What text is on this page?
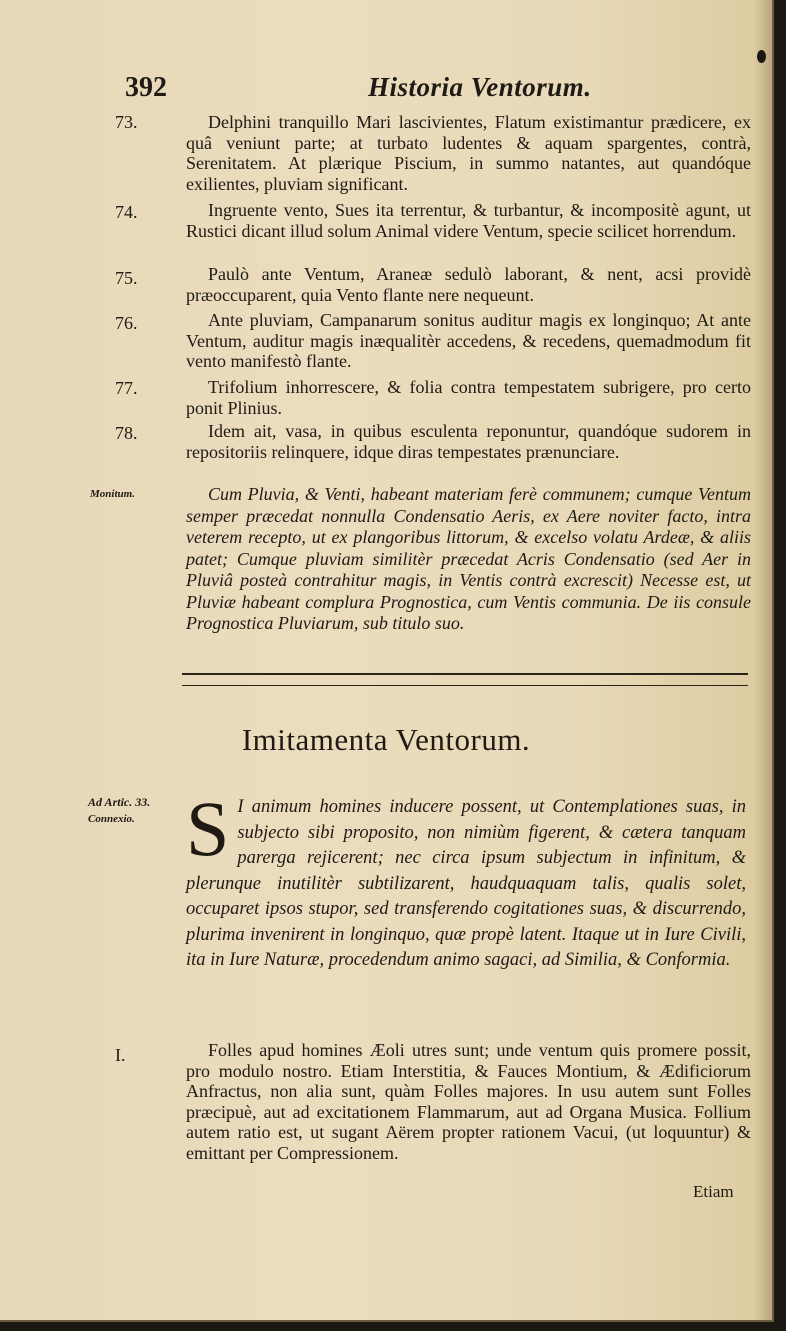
392	Historia Ventorum.
73.	Delphini tranquillo Mari lascivientes, Flatum existimantur prædicere, ex quâ veniunt parte; at turbato ludentes & aquam spargentes, contrà, Serenitatem. At plærique Piscium, in summo natantes, aut quandóque exilientes, pluviam significant.
74.	Ingruente vento, Sues ita terrentur, & turbantur, & incompositè agunt, ut Rustici dicant illud solum Animal videre Ventum, specie scilicet horrendum.
75.	Paulò ante Ventum, Araneæ sedulò laborant, & nent, acsi providè præoccuparent, quia Vento flante nere nequeunt.
76.	Ante pluviam, Campanarum sonitus auditur magis ex longinquo; At ante Ventum, auditur magis inæqualitèr accedens, & recedens, quemadmodum fit vento manifestò flante.
77.	Trifolium inhorrescere, & folia contra tempestatem subrigere, pro certo ponit Plinius.
78.	Idem ait, vasa, in quibus esculenta reponuntur, quandóque sudorem in repositoriis relinquere, idque diras tempestates prænunciare.
Monitum.	Cum Pluvia, & Venti, habeant materiam ferè communem; cumque Ventum semper præcedat nonnulla Condensatio Aeris, ex Aere noviter facto, intra veterem recepto, ut ex plangoribus littorum, & excelso volatu Ardeæ, & aliis patet; Cumque pluviam similitèr præcedat Acris Condensatio (sed Aer in Pluviâ posteà contrahitur magis, in Ventis contrà excrescit) Necesse est, ut Pluviæ habeant complura Prognostica, cum Ventis communia. De iis consule Prognostica Pluviarum, sub titulo suo.
Imitamenta Ventorum.
Ad Artic. 33.
Connexio. S I animum homines inducere possent, ut Contemplationes suas, in subjecto sibi proposito, non nimiùm figerent, & cætera tanquam parerga rejicerent; nec circa ipsum subjectum in infinitum, & plerunque inutilitèr subtilizarent, haudquaquam talis, qualis solet, occuparet ipsos stupor, sed transferendo cogitationes suas, & discurrendo, plurima invenirent in longinquo, quæ propè latent. Itaque ut in Iure Civili, ita in Iure Naturæ, procedendum animo sagaci, ad Similia, & Conformia.
I.	Folles apud homines Æoli utres sunt; unde ventum quis promere possit, pro modulo nostro. Etiam Interstitia, & Fauces Montium, & Ædificiorum Anfractus, non alia sunt, quàm Folles majores. In usu autem sunt Folles præcipuè, aut ad excitationem Flammarum, aut ad Organa Musica. Follium autem ratio est, ut sugant Aërem propter rationem Vacui, (ut loquuntur) & emittant per Compressionem.
Etiam
